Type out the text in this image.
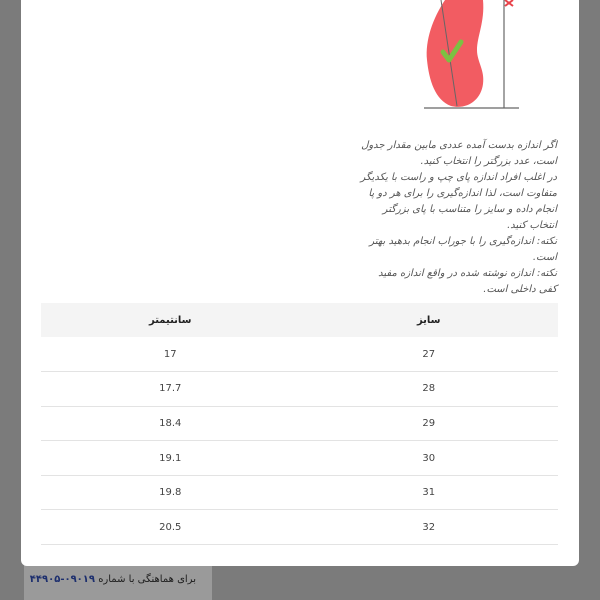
برای هماهنگی با شماره ۰۹۰۱۹-۴۴۹۰۵

اگر اندازه بدست آمده عددی مابین مقدار جدول است، عدد بزرگتر را انتخاب کنید.

در اغلب افراد اندازه پای چپ و راست با یکدیگر متفاوت است، لذا اندازه‌گیری را برای هر دو پا انجام داده و سایز را متناسب با پای بزرگتر انتخاب کنید.

نکته: اندازه‌گیری را با جوراب انجام بدهید بهتر است.

نکته: اندازه نوشته شده در واقع اندازه مفید کفی داخلی است.

سایز	سانتیمتر
27	17
28	17.7
29	18.4
30	19.1
31	19.8
32	20.5
